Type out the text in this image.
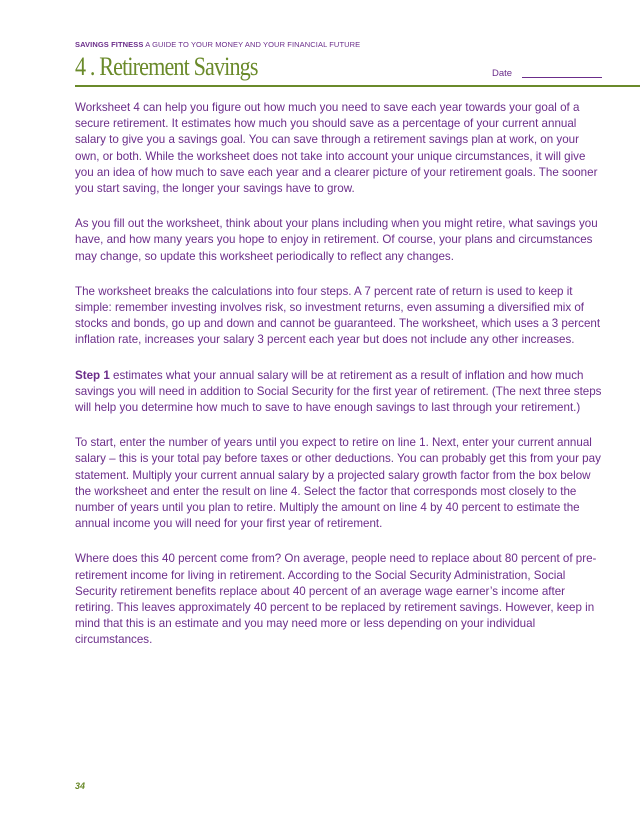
SAVINGS FITNESS A GUIDE TO YOUR MONEY AND YOUR FINANCIAL FUTURE
4 . Retirement Savings	Date

Worksheet 4 can help you figure out how much you need to save each year towards your goal of a secure retirement. It estimates how much you should save as a percentage of your current annual salary to give you a savings goal. You can save through a retirement savings plan at work, on your own, or both. While the worksheet does not take into account your unique circumstances, it will give you an idea of how much to save each year and a clearer picture of your retirement goals. The sooner you start saving, the longer your savings have to grow.

As you fill out the worksheet, think about your plans including when you might retire, what savings you have, and how many years you hope to enjoy in retirement. Of course, your plans and circumstances may change, so update this worksheet periodically to reflect any changes.

The worksheet breaks the calculations into four steps. A 7 percent rate of return is used to keep it simple: remember investing involves risk, so investment returns, even assuming a diversified mix of stocks and bonds, go up and down and cannot be guaranteed. The worksheet, which uses a 3 percent inflation rate, increases your salary 3 percent each year but does not include any other increases.

Step 1 estimates what your annual salary will be at retirement as a result of inflation and how much savings you will need in addition to Social Security for the first year of retirement. (The next three steps will help you determine how much to save to have enough savings to last through your retirement.)

To start, enter the number of years until you expect to retire on line 1. Next, enter your current annual salary – this is your total pay before taxes or other deductions. You can probably get this from your pay statement. Multiply your current annual salary by a projected salary growth factor from the box below the worksheet and enter the result on line 4. Select the factor that corresponds most closely to the number of years until you plan to retire. Multiply the amount on line 4 by 40 percent to estimate the annual income you will need for your first year of retirement.

Where does this 40 percent come from? On average, people need to replace about 80 percent of pre-retirement income for living in retirement. According to the Social Security Administration, Social Security retirement benefits replace about 40 percent of an average wage earner’s income after retiring. This leaves approximately 40 percent to be replaced by retirement savings. However, keep in mind that this is an estimate and you may need more or less depending on your individual circumstances.

34
